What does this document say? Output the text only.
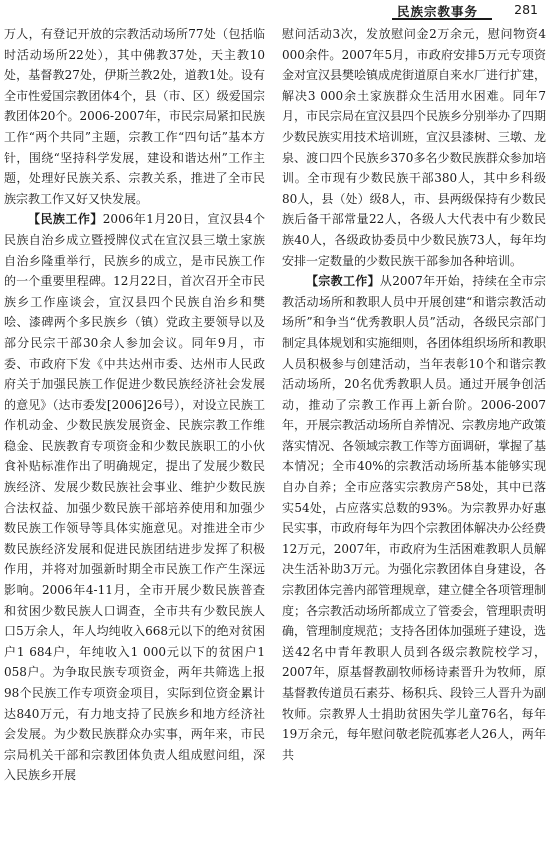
民族宗教事务	281

万人，有登记开放的宗教活动场所77处（包括临时活动场所22处），其中佛教37处，天主教10处，基督教27处，伊斯兰教2处，道教1处。设有全市性爱国宗教团体4个，县（市、区）级爱国宗教团体20个。2006-2007年，市民宗局紧扣民族工作“两个共同”主题，宗教工作“四句话”基本方针，围绕“坚持科学发展，建设和谐达州”工作主题，处理好民族关系、宗教关系，推进了全市民族宗教工作又好又快发展。

【民族工作】2006年1月20日，宣汉县4个民族自治乡成立暨授牌仪式在宣汉县三墩土家族自治乡隆重举行，民族乡的成立，是市民族工作的一个重要里程碑。12月22日，首次召开全市民族乡工作座谈会，宣汉县四个民族自治乡和樊哙、漆碑两个多民族乡（镇）党政主要领导以及部分民宗干部30余人参加会议。同年9月，市委、市政府下发《中共达州市委、达州市人民政府关于加强民族工作促进少数民族经济社会发展的意见》（达市委发[2006]26号），对设立民族工作机动金、少数民族发展资金、民族宗教工作维稳金、民族教育专项资金和少数民族职工的小伙食补贴标准作出了明确规定，提出了发展少数民族经济、发展少数民族社会事业、维护少数民族合法权益、加强少数民族干部培养使用和加强少数民族工作领导等具体实施意见。对推进全市少数民族经济发展和促进民族团结进步发挥了积极作用，并将对加强新时期全市民族工作产生深远影响。2006年4-11月，全市开展少数民族普查和贫困少数民族人口调查，全市共有少数民族人口5万余人，年人均纯收入668元以下的绝对贫困户1 684户，年纯收入1 000元以下的贫困户1 058户。为争取民族专项资金，两年共筛选上报98个民族工作专项资金项目，实际到位资金累计达840万元，有力地支持了民族乡和地方经济社会发展。为少数民族群众办实事，两年来，市民宗局机关干部和宗教团体负责人组成慰问组，深入民族乡开展

慰问活动3次，发放慰问金2万余元，慰问物资4 000余件。2007年5月，市政府安排5万元专项资金对宣汉县樊哙镇成虎街道原自来水厂进行扩建，解决3 000余土家族群众生活用水困难。同年7月，市民宗局在宣汉县四个民族乡分别举办了四期少数民族实用技术培训班，宣汉县漆树、三墩、龙泉、渡口四个民族乡370多名少数民族群众参加培训。全市现有少数民族干部380人，其中乡科级80人，县（处）级8人，市、县两级保持有少数民族后备干部常量22人，各级人大代表中有少数民族40人，各级政协委员中少数民族73人，每年均安排一定数量的少数民族干部参加各种培训。

【宗教工作】从2007年开始，持续在全市宗教活动场所和教职人员中开展创建“和谐宗教活动场所”和争当“优秀教职人员”活动，各级民宗部门制定具体规划和实施细则，各团体组织场所和教职人员积极参与创建活动，当年表彰10个和谐宗教活动场所，20名优秀教职人员。通过开展争创活动，推动了宗教工作再上新台阶。2006-2007年，开展宗教活动场所自养情况、宗教房地产政策落实情况、各领域宗教工作等方面调研，掌握了基本情况；全市40%的宗教活动场所基本能够实现自办自养；全市应落实宗教房产58处，其中已落实54处，占应落实总数的93%。为宗教界办好惠民实事，市政府每年为四个宗教团体解决办公经费12万元，2007年，市政府为生活困难教职人员解决生活补助3万元。为强化宗教团体自身建设，各宗教团体完善内部管理规章，建立健全各项管理制度；各宗教活动场所都成立了管委会，管理职责明确，管理制度规范；支持各团体加强班子建设，选送42名中青年教职人员到各级宗教院校学习，2007年，原基督教副牧师杨诗素晋升为牧师，原基督教传道员石素芬、杨积兵、段铃三人晋升为副牧师。宗教界人士捐助贫困失学儿童76名，每年19万余元，每年慰问敬老院孤寡老人26人，两年共
